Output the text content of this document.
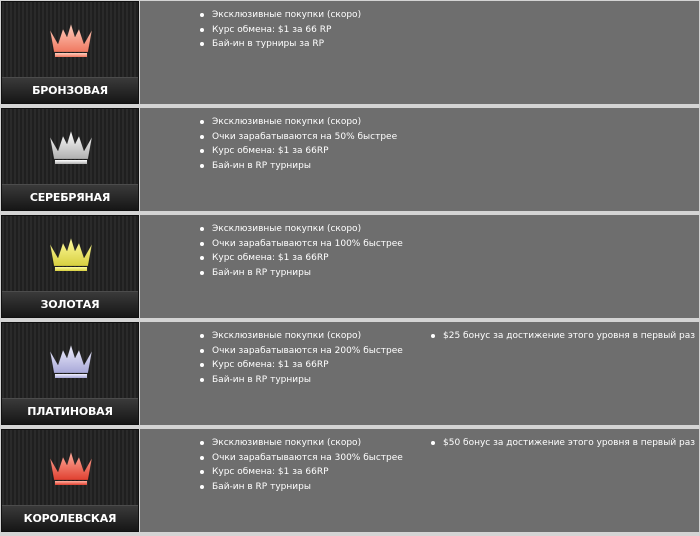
БРОНЗОВАЯ
Эксклюзивные покупки (скоро)
Курс обмена: $1 за 66 RP
Бай-ин в турниры за RP
СЕРЕБРЯНАЯ
Эксклюзивные покупки (скоро)
Очки зарабатываются на 50% быстрее
Курс обмена: $1 за 66RP
Бай-ин в RP турниры
ЗОЛОТАЯ
Эксклюзивные покупки (скоро)
Очки зарабатываются на 100% быстрее
Курс обмена: $1 за 66RP
Бай-ин в RP турниры
ПЛАТИНОВАЯ
Эксклюзивные покупки (скоро)
Очки зарабатываются на 200% быстрее
Курс обмена: $1 за 66RP
Бай-ин в RP турниры
$25 бонус за достижение этого уровня в первый раз
КОРОЛЕВСКАЯ
Эксклюзивные покупки (скоро)
Очки зарабатываются на 300% быстрее
Курс обмена: $1 за 66RP
Бай-ин в RP турниры
$50 бонус за достижение этого уровня в первый раз
